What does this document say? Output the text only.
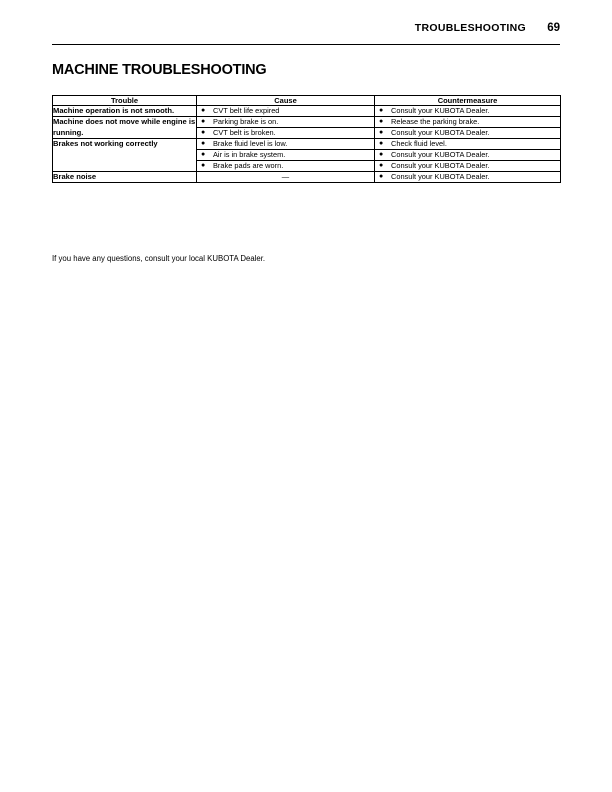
TROUBLESHOOTING	69
MACHINE TROUBLESHOOTING
Trouble	Cause	Countermeasure
Machine operation is not smooth.	● CVT belt life expired	● Consult your KUBOTA Dealer.

Machine does not move while engine is running.	● Parking brake is on.	● Release the parking brake.

	● CVT belt is broken.	● Consult your KUBOTA Dealer.

Brakes not working correctly	● Brake fluid level is low.	● Check fluid level.

	● Air is in brake system.	● Consult your KUBOTA Dealer.

	● Brake pads are worn.	● Consult your KUBOTA Dealer.

Brake noise	—	● Consult your KUBOTA Dealer.
If you have any questions, consult your local KUBOTA Dealer.
